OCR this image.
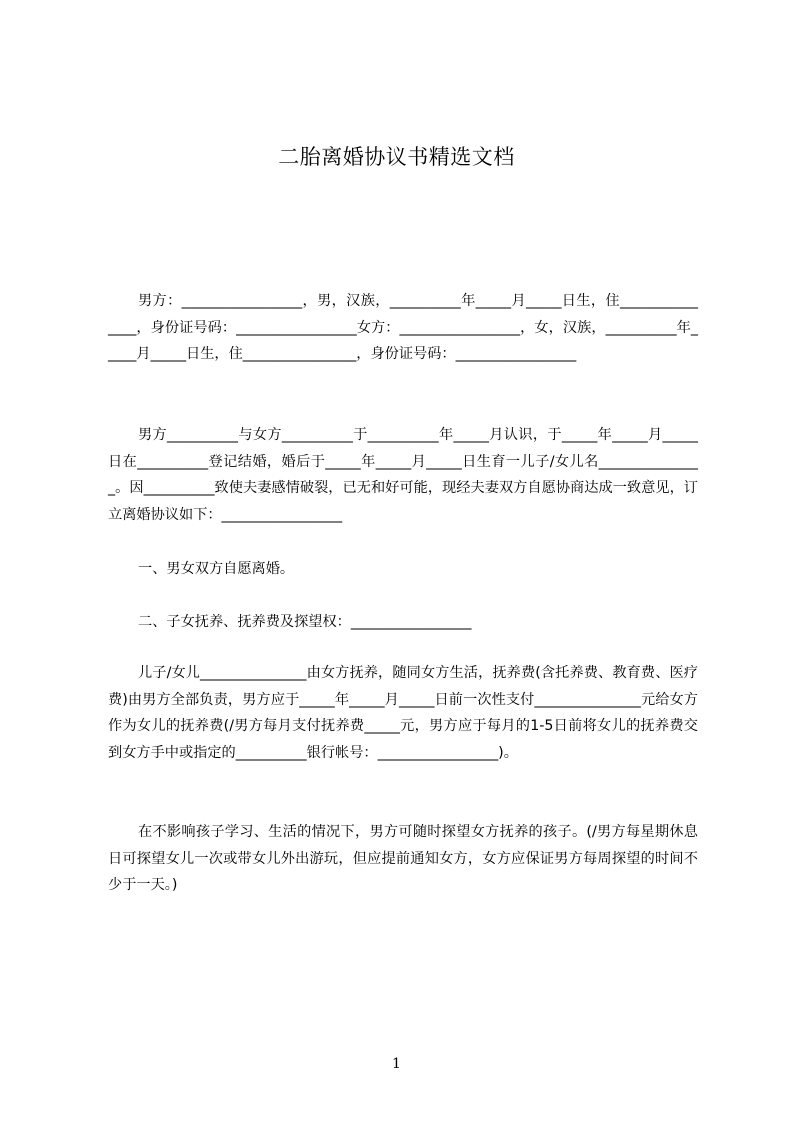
二胎离婚协议书精选文档

男方：_________________，男，汉族，__________年_____月_____日生，住_______________，身份证号码：_________________女方：_________________，女，汉族，__________年_____月_____日生，住________________，身份证号码：_________________

男方__________与女方__________于__________年_____月认识，于_____年_____月_____日在__________登记结婚，婚后于_____年_____月_____日生育一儿子/女儿名_______________。因__________致使夫妻感情破裂，已无和好可能，现经夫妻双方自愿协商达成一致意见，订立离婚协议如下：_________________

一、男女双方自愿离婚。

二、子女抚养、抚养费及探望权：_________________

儿子/女儿_______________由女方抚养，随同女方生活，抚养费(含托养费、教育费、医疗费)由男方全部负责，男方应于_____年_____月_____日前一次性支付_______________元给女方作为女儿的抚养费(/男方每月支付抚养费_____元，男方应于每月的1-5日前将女儿的抚养费交到女方手中或指定的__________银行帐号：_________________)。

在不影响孩子学习、生活的情况下，男方可随时探望女方抚养的孩子。(/男方每星期休息日可探望女儿一次或带女儿外出游玩，但应提前通知女方，女方应保证男方每周探望的时间不少于一天。)

1
